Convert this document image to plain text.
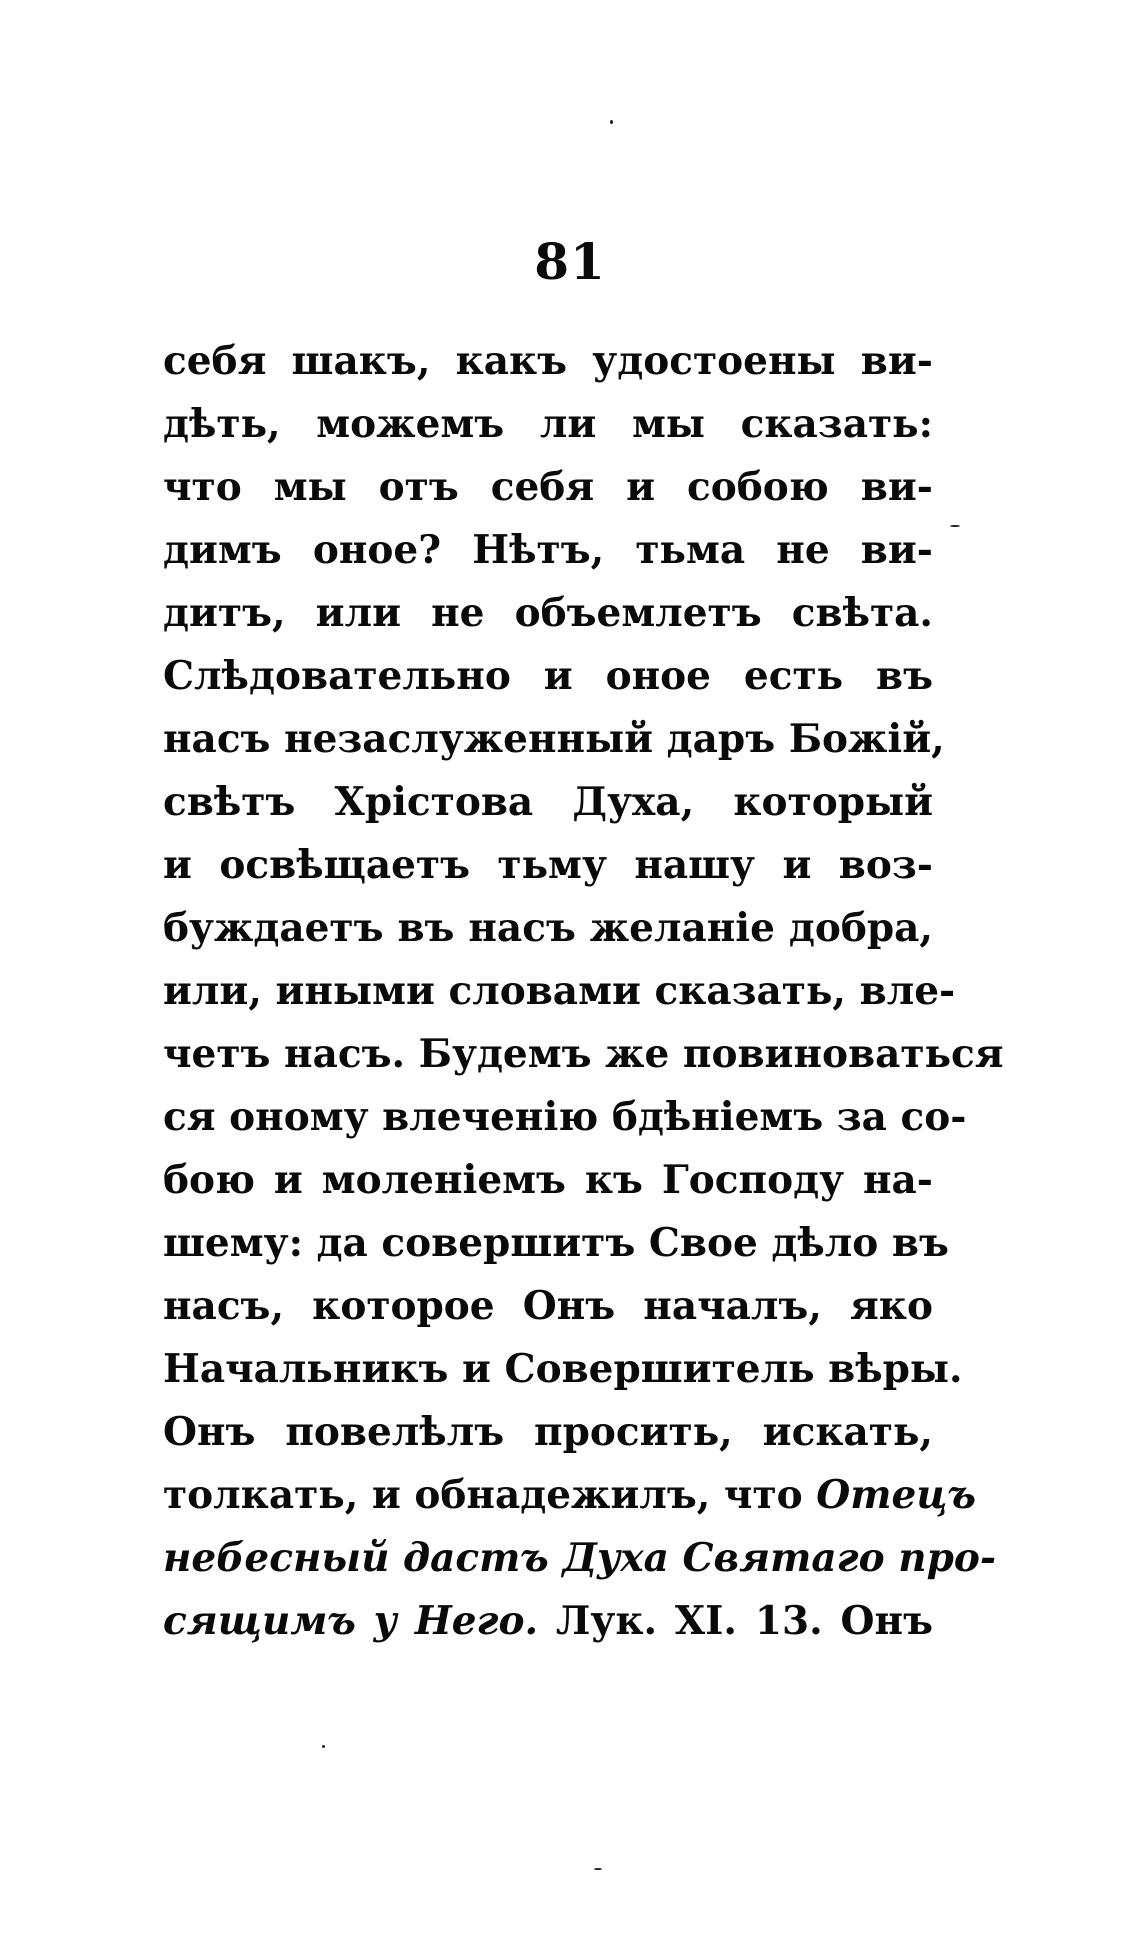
81
себя шакъ, какъ удостоены ви-
дѣть, можемъ ли мы сказать:
что мы отъ себя и собою ви-
димъ оное? Нѣтъ, тьма не ви-
дитъ, или не объемлетъ свѣта.
Слѣдовательно и оное есть въ
насъ незаслуженный даръ Божій,
свѣтъ Хрiстова Духа, который
и освѣщаетъ тьму нашу и воз-
буждаетъ въ насъ желанiе добра,
или, иными словами сказать, вле-
четъ насъ. Будемъ же повиноваться
ся оному влеченiю бдѣнiемъ за со-
бою и моленiемъ къ Господу на-
шему: да совершитъ Свое дѣло въ
насъ, которое Онъ началъ, яко
Начальникъ и Совершитель вѣры.
Онъ повелѣлъ просить, искать,
толкать, и обнадежилъ, что Отецъ
небесный дастъ Духа Святаго про-
сящимъ у Него. Лук. XI. 13. Онъ
